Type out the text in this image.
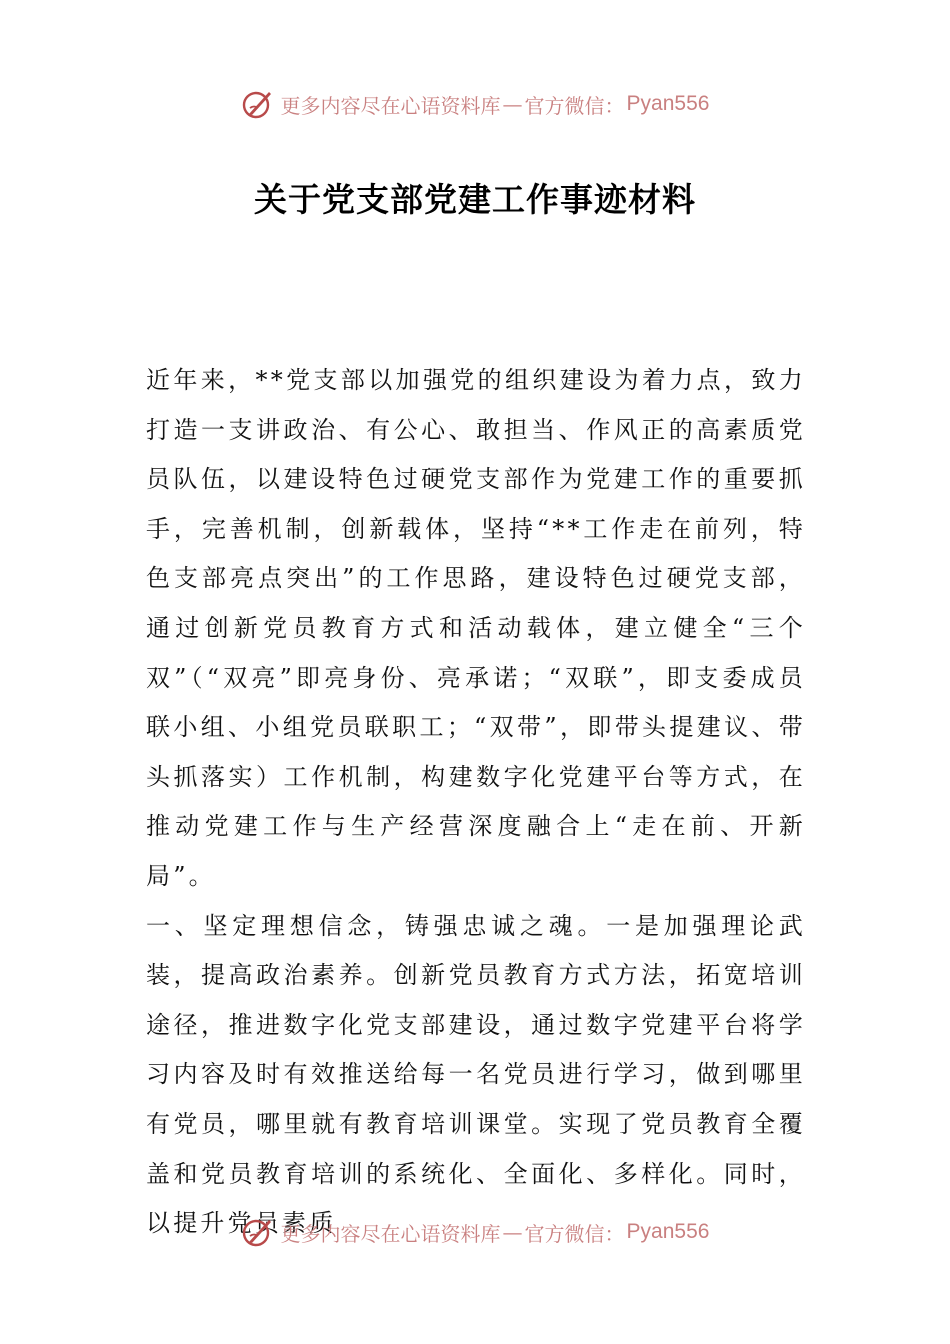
更多内容尽在心语资料库 — 官方微信： Pyan556
关于党支部党建工作事迹材料

近年来，**党支部以加强党的组织建设为着力点，致力打造一支讲政治、有公心、敢担当、作风正的高素质党员队伍，以建设特色过硬党支部作为党建工作的重要抓手，完善机制，创新载体，坚持“**工作走在前列，特色支部亮点突出”的工作思路，建设特色过硬党支部，通过创新党员教育方式和活动载体，建立健全“三个双”（“双亮”即亮身份、亮承诺；“双联”，即支委成员联小组、小组党员联职工；“双带”，即带头提建议、带头抓落实）工作机制，构建数字化党建平台等方式，在推动党建工作与生产经营深度融合上“走在前、开新局”。

一、坚定理想信念，铸强忠诚之魂。一是加强理论武装，提高政治素养。创新党员教育方式方法，拓宽培训途径，推进数字化党支部建设，通过数字党建平台将学习内容及时有效推送给每一名党员进行学习，做到哪里有党员，哪里就有教育培训课堂。实现了党员教育全覆盖和党员教育培训的系统化、全面化、多样化。同时，以提升党员素质

更多内容尽在心语资料库 — 官方微信： Pyan556
